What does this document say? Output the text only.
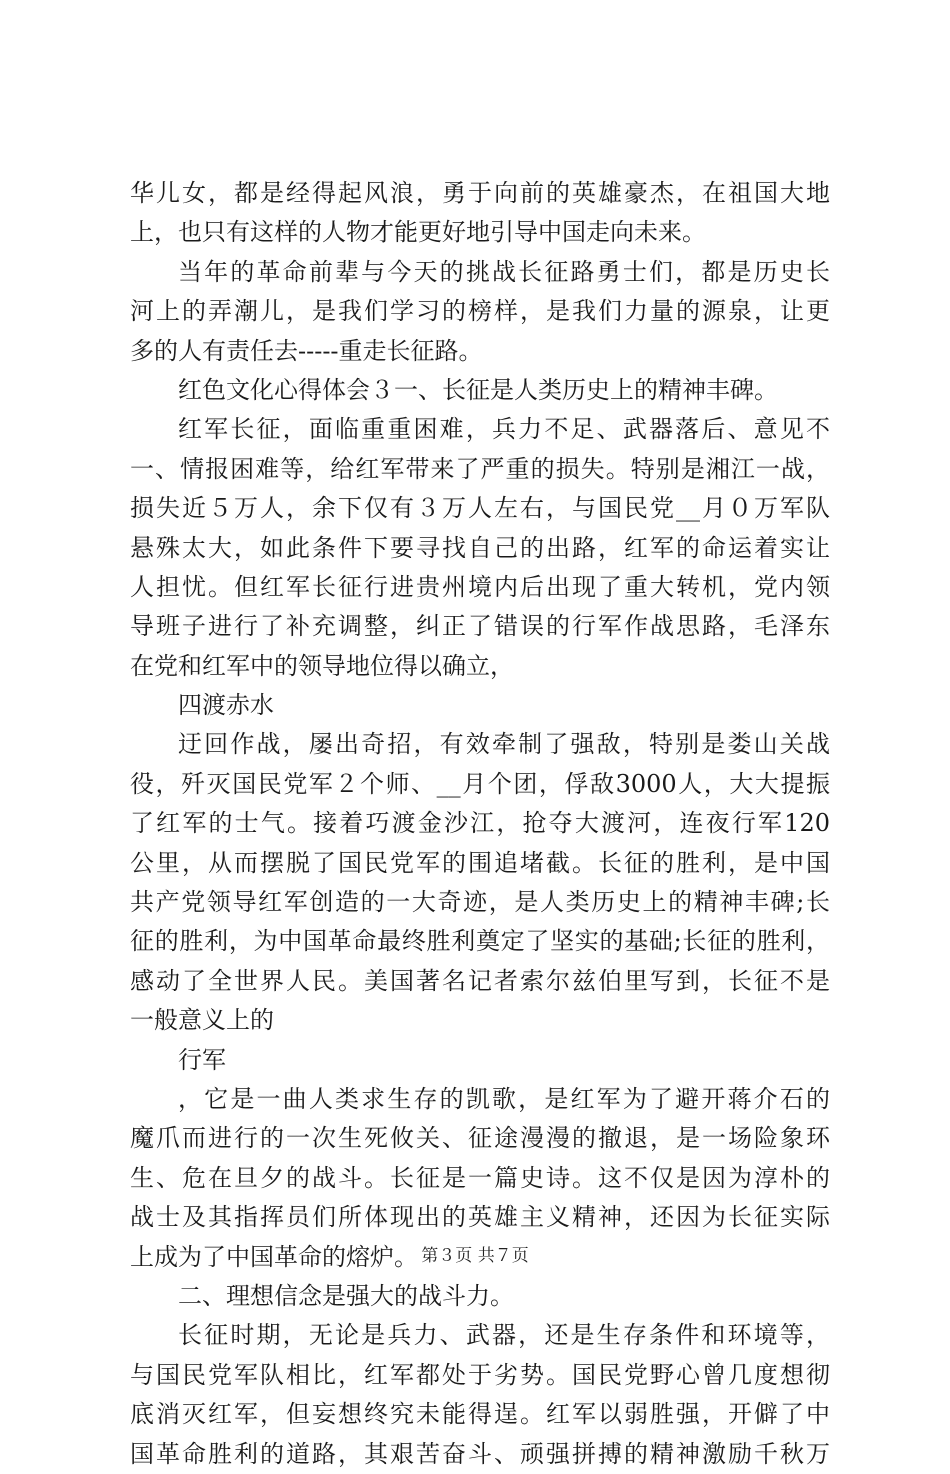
华儿女，都是经得起风浪，勇于向前的英雄豪杰，在祖国大地
上，也只有这样的人物才能更好地引导中国走向未来。
当年的革命前辈与今天的挑战长征路勇士们，都是历史长
河上的弄潮儿，是我们学习的榜样，是我们力量的源泉，让更
多的人有责任去-----重走长征路。
红色文化心得体会３一、长征是人类历史上的精神丰碑。
红军长征，面临重重困难，兵力不足、武器落后、意见不
一、情报困难等，给红军带来了严重的损失。特别是湘江一战，
损失近５万人，余下仅有３万人左右，与国民党__月０万军队
悬殊太大，如此条件下要寻找自己的出路，红军的命运着实让
人担忧。但红军长征行进贵州境内后出现了重大转机，党内领
导班子进行了补充调整，纠正了错误的行军作战思路，毛泽东
在党和红军中的领导地位得以确立，
四渡赤水
迂回作战，屡出奇招，有效牵制了强敌，特别是娄山关战
役，歼灭国民党军２个师、__月个团，俘敌3000人，大大提振
了红军的士气。接着巧渡金沙江，抢夺大渡河，连夜行军120
公里，从而摆脱了国民党军的围追堵截。长征的胜利，是中国
共产党领导红军创造的一大奇迹，是人类历史上的精神丰碑;长
征的胜利，为中国革命最终胜利奠定了坚实的基础;长征的胜利，
感动了全世界人民。美国著名记者索尔兹伯里写到，长征不是
一般意义上的
行军
，它是一曲人类求生存的凯歌，是红军为了避开蒋介石的
魔爪而进行的一次生死攸关、征途漫漫的撤退，是一场险象环
生、危在旦夕的战斗。长征是一篇史诗。这不仅是因为淳朴的
战士及其指挥员们所体现出的英雄主义精神，还因为长征实际
上成为了中国革命的熔炉。
二、理想信念是强大的战斗力。
长征时期，无论是兵力、武器，还是生存条件和环境等，
与国民党军队相比，红军都处于劣势。国民党野心曾几度想彻
底消灭红军，但妄想终究未能得逞。红军以弱胜强，开僻了中
国革命胜利的道路，其艰苦奋斗、顽强拼搏的精神激励千秋万
第３页 共７页
